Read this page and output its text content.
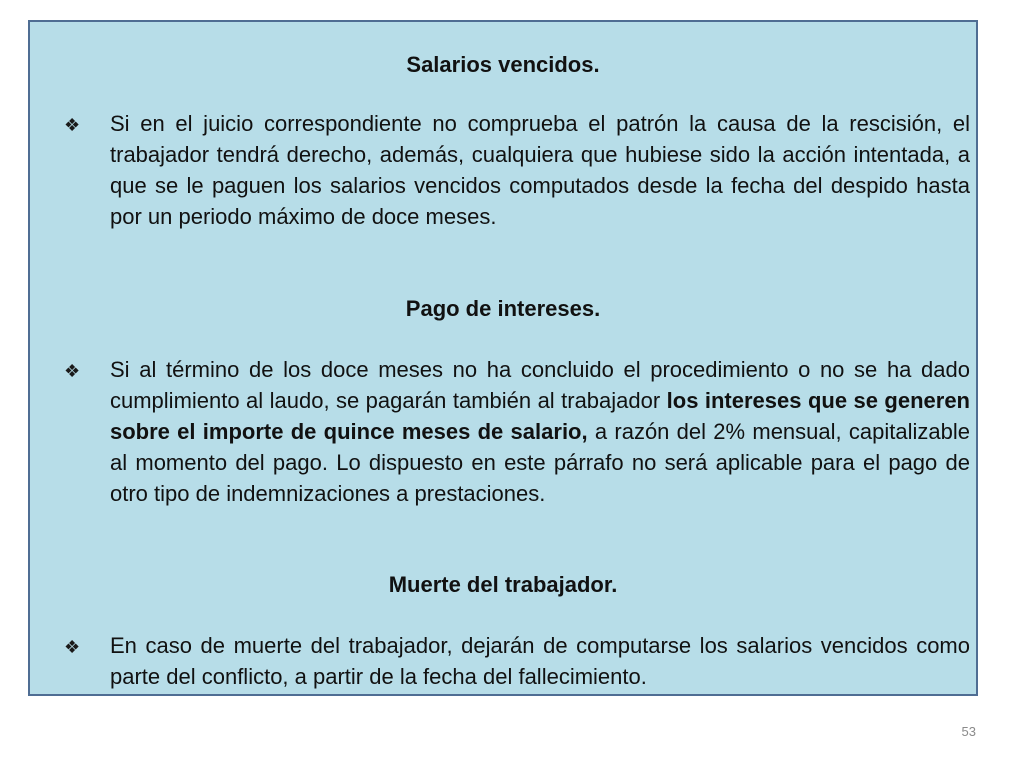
Salarios vencidos.
❖ Si en el juicio correspondiente no comprueba el patrón la causa de la rescisión, el trabajador tendrá derecho, además, cualquiera que hubiese sido la acción intentada, a que se le paguen los salarios vencidos computados desde la fecha del despido hasta por un periodo máximo de doce meses.

Pago de intereses.
❖ Si al término de los doce meses no ha concluido el procedimiento o no se ha dado cumplimiento al laudo, se pagarán también al trabajador los intereses que se generen sobre el importe de quince meses de salario, a razón del 2% mensual, capitalizable al momento del pago. Lo dispuesto en este párrafo no será aplicable para el pago de otro tipo de indemnizaciones a prestaciones.

Muerte del trabajador.
❖ En caso de muerte del trabajador, dejarán de computarse los salarios vencidos como parte del conflicto, a partir de la fecha del fallecimiento.

53
